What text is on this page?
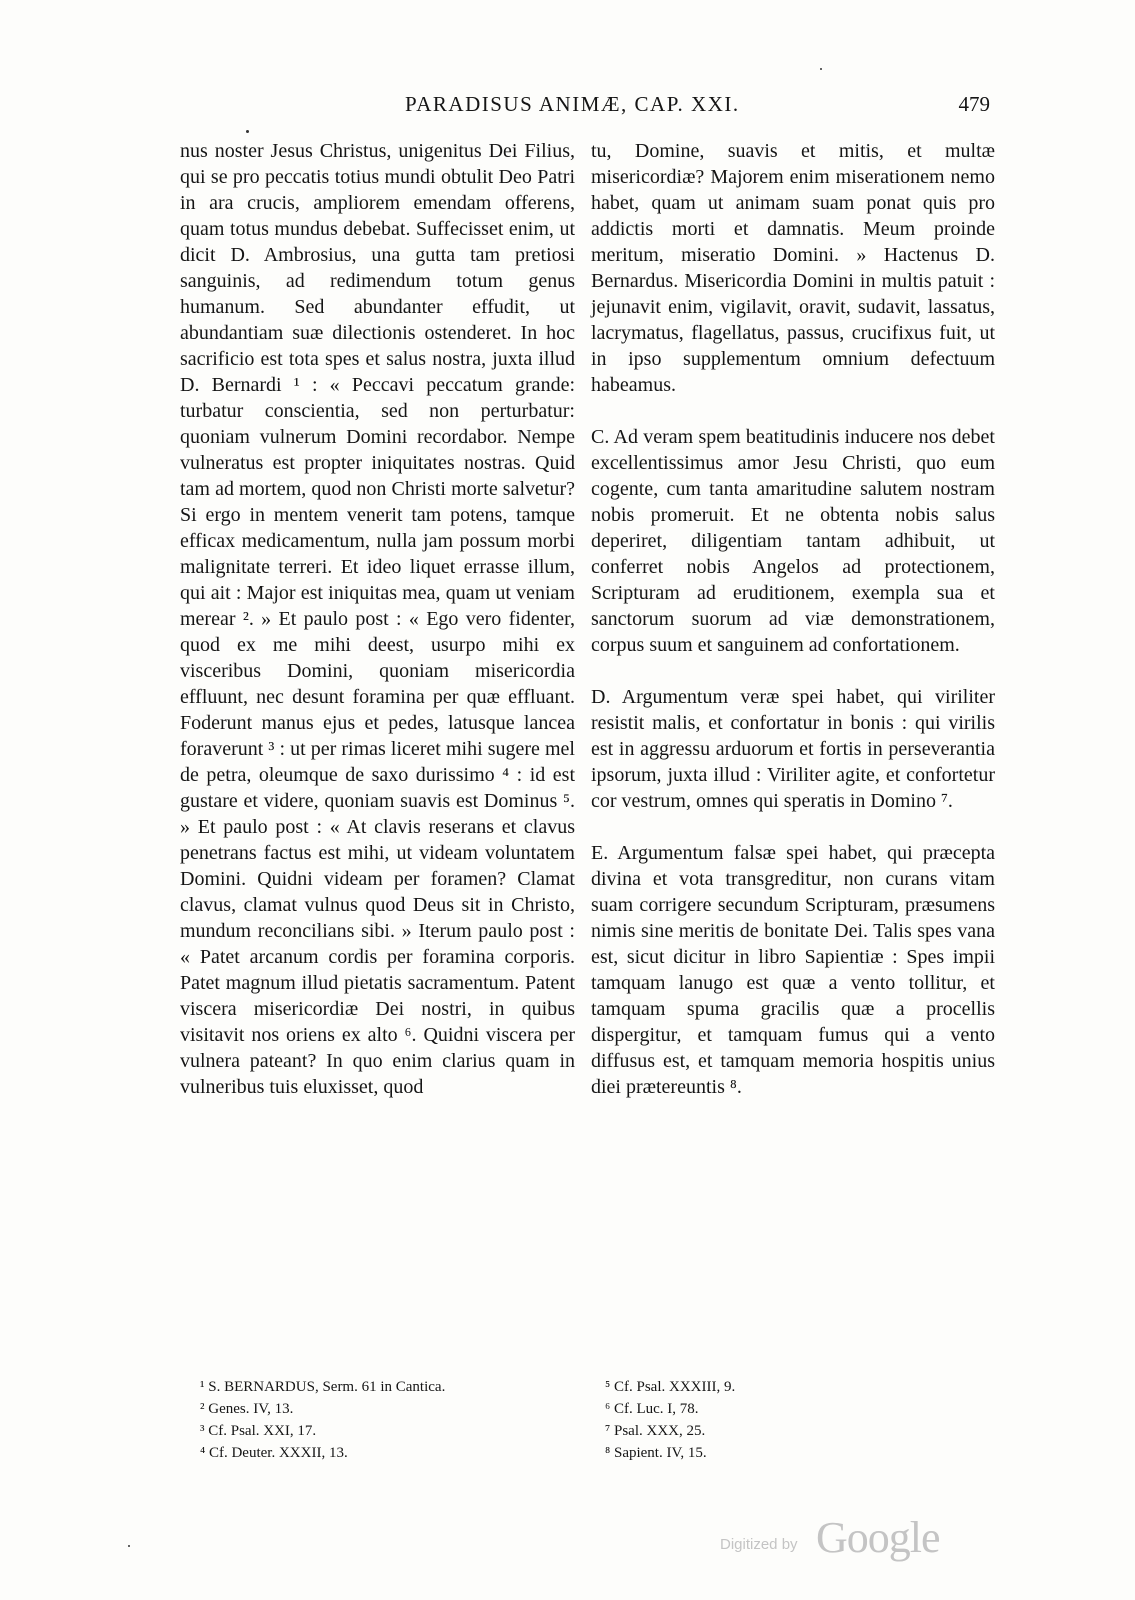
PARADISUS ANIMÆ, CAP. XXI.	479

nus noster Jesus Christus, unigenitus Dei Filius, qui se pro peccatis totius mundi obtulit Deo Patri in ara crucis, ampliorem emendam offerens, quam totus mundus debebat. Suffecisset enim, ut dicit D. Ambrosius, una gutta tam pretiosi sanguinis, ad redimendum totum genus humanum. Sed abundanter effudit, ut abundantiam suæ dilectionis ostenderet. In hoc sacrificio est tota spes et salus nostra, juxta illud D. Bernardi ¹ : « Peccavi peccatum grande: turbatur conscientia, sed non perturbatur: quoniam vulnerum Domini recordabor. Nempe vulneratus est propter iniquitates nostras. Quid tam ad mortem, quod non Christi morte salvetur? Si ergo in mentem venerit tam potens, tamque efficax medicamentum, nulla jam possum morbi malignitate terreri. Et ideo liquet errasse illum, qui ait : Major est iniquitas mea, quam ut veniam merear ². » Et paulo post : « Ego vero fidenter, quod ex me mihi deest, usurpo mihi ex visceribus Domini, quoniam misericordia effluunt, nec desunt foramina per quæ effluant. Foderunt manus ejus et pedes, latusque lancea foraverunt ³ : ut per rimas liceret mihi sugere mel de petra, oleumque de saxo durissimo ⁴ : id est gustare et videre, quoniam suavis est Dominus ⁵. » Et paulo post : « At clavis reserans et clavus penetrans factus est mihi, ut videam voluntatem Domini. Quidni videam per foramen? Clamat clavus, clamat vulnus quod Deus sit in Christo, mundum reconcilians sibi. » Iterum paulo post : « Patet arcanum cordis per foramina corporis. Patet magnum illud pietatis sacramentum. Patent viscera misericordiæ Dei nostri, in quibus visitavit nos oriens ex alto ⁶. Quidni viscera per vulnera pateant? In quo enim clarius quam in vulneribus tuis eluxisset, quod

tu, Domine, suavis et mitis, et multæ misericordiæ? Majorem enim miserationem nemo habet, quam ut animam suam ponat quis pro addictis morti et damnatis. Meum proinde meritum, miseratio Domini. » Hactenus D. Bernardus. Misericordia Domini in multis patuit : jejunavit enim, vigilavit, oravit, sudavit, lassatus, lacrymatus, flagellatus, passus, crucifixus fuit, ut in ipso supplementum omnium defectuum habeamus.

C. Ad veram spem beatitudinis inducere nos debet excellentissimus amor Jesu Christi, quo eum cogente, cum tanta amaritudine salutem nostram nobis promeruit. Et ne obtenta nobis salus deperiret, diligentiam tantam adhibuit, ut conferret nobis Angelos ad protectionem, Scripturam ad eruditionem, exempla sua et sanctorum suorum ad viæ demonstrationem, corpus suum et sanguinem ad confortationem.

D. Argumentum veræ spei habet, qui viriliter resistit malis, et confortatur in bonis : qui virilis est in aggressu arduorum et fortis in perseverantia ipsorum, juxta illud : Viriliter agite, et confortetur cor vestrum, omnes qui speratis in Domino ⁷.

E. Argumentum falsæ spei habet, qui præcepta divina et vota transgreditur, non curans vitam suam corrigere secundum Scripturam, præsumens nimis sine meritis de bonitate Dei. Talis spes vana est, sicut dicitur in libro Sapientiæ : Spes impii tamquam lanugo est quæ a vento tollitur, et tamquam spuma gracilis quæ a procellis dispergitur, et tamquam fumus qui a vento diffusus est, et tamquam memoria hospitis unius diei prætereuntis ⁸.

¹ S. BERNARDUS, Serm. 61 in Cantica.
² Genes. IV, 13.
³ Cf. Psal. XXI, 17.
⁴ Cf. Deuter. XXXII, 13.
⁵ Cf. Psal. XXXIII, 9.
⁶ Cf. Luc. I, 78.
⁷ Psal. XXX, 25.
⁸ Sapient. IV, 15.
Digitized by Google
